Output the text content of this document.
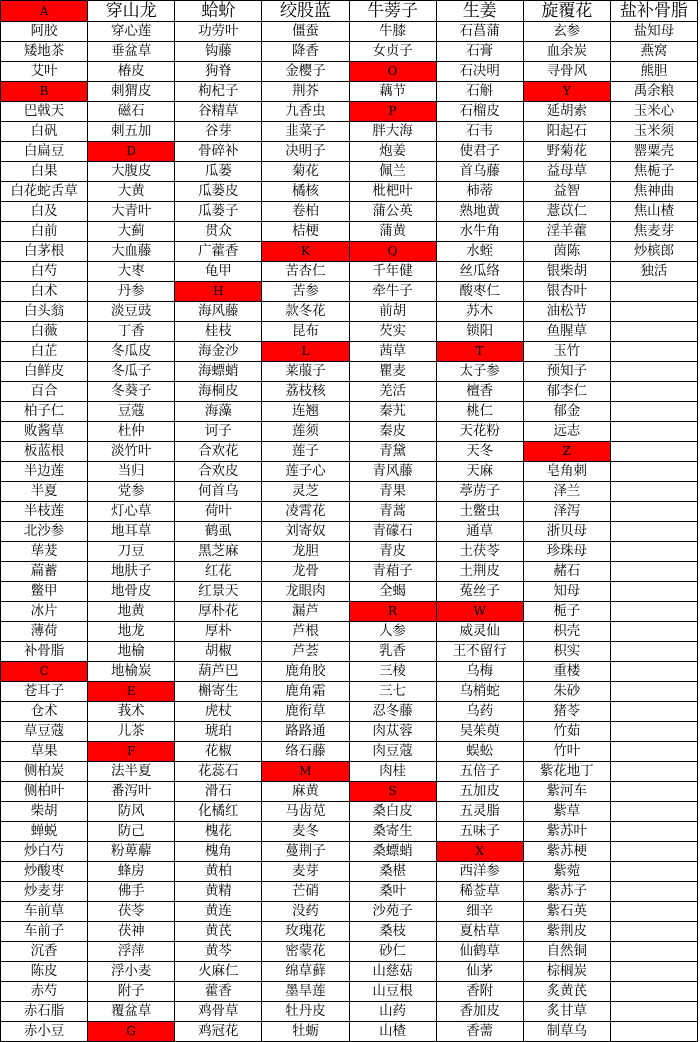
A	穿山龙	蛤蚧	绞股蓝	牛蒡子	生姜	旋覆花	盐补骨脂
阿胶	穿心莲	功劳叶	僵蚕	牛膝	石菖蒲	玄参	盐知母
矮地茶	垂盆草	钩藤	降香	女贞子	石膏	血余炭	燕窝
艾叶	椿皮	狗脊	金樱子	O	石决明	寻骨风	熊胆
B	刺猬皮	枸杞子	荆芥	藕节	石斛	Y	禹余粮
巴戟天	磁石	谷精草	九香虫	P	石榴皮	延胡索	玉米心
白矾	刺五加	谷芽	韭菜子	胖大海	石韦	阳起石	玉米须
白扁豆	D	骨碎补	决明子	炮姜	使君子	野菊花	罂粟壳
白果	大腹皮	瓜蒌	菊花	佩兰	首乌藤	益母草	焦栀子
白花蛇舌草	大黄	瓜蒌皮	橘核	枇杷叶	柿蒂	益智	焦神曲
白及	大青叶	瓜蒌子	卷柏	蒲公英	熟地黄	薏苡仁	焦山楂
白前	大蓟	贯众	桔梗	蒲黄	水牛角	淫羊藿	焦麦芽
白茅根	大血藤	广藿香	K	Q	水蛭	茵陈	炒槟郎
白芍	大枣	龟甲	苦杏仁	千年健	丝瓜络	银柴胡	独活
白术	丹参	H	苦参	牵牛子	酸枣仁	银杏叶	
白头翁	淡豆豉	海风藤	款冬花	前胡	苏木	油松节	
白薇	丁香	桂枝	昆布	芡实	锁阳	鱼腥草	
白芷	冬瓜皮	海金沙	L	茜草	T	玉竹	
白鲜皮	冬瓜子	海螵蛸	莱菔子	瞿麦	太子参	预知子	
百合	冬葵子	海桐皮	荔枝核	羌活	檀香	郁李仁	
柏子仁	豆蔻	海藻	连翘	秦艽	桃仁	郁金	
败酱草	杜仲	诃子	莲须	秦皮	天花粉	远志	
板蓝根	淡竹叶	合欢花	莲子	青黛	天冬	Z	
半边莲	当归	合欢皮	莲子心	青风藤	天麻	皂角刺	
半夏	党参	何首乌	灵芝	青果	葶苈子	泽兰	
半枝莲	灯心草	荷叶	凌霄花	青蒿	土鳖虫	泽泻	
北沙参	地耳草	鹤虱	刘寄奴	青礞石	通草	浙贝母	
荜茇	刀豆	黑芝麻	龙胆	青皮	土茯苓	珍珠母	
萹蓄	地肤子	红花	龙骨	青葙子	土荆皮	赭石	
鳖甲	地骨皮	红景天	龙眼肉	全蝎	菟丝子	知母	
冰片	地黄	厚朴花	漏芦	R	W	栀子	
薄荷	地龙	厚朴	芦根	人参	威灵仙	枳壳	
补骨脂	地榆	胡椒	芦荟	乳香	王不留行	枳实	
C	地榆炭	葫芦巴	鹿角胶	三棱	乌梅	重楼	
苍耳子	E	槲寄生	鹿角霜	三七	乌梢蛇	朱砂	
仓术	莪术	虎杖	鹿衔草	忍冬藤	乌药	猪苓	
草豆蔻	儿茶	琥珀	路路通	肉苁蓉	吴茱萸	竹茹	
草果	F	花椒	络石藤	肉豆蔻	蜈蚣	竹叶	
侧柏炭	法半夏	花蕊石	M	肉桂	五倍子	紫花地丁	
侧柏叶	番泻叶	滑石	麻黄	S	五加皮	紫河车	
柴胡	防风	化橘红	马齿苋	桑白皮	五灵脂	紫草	
蝉蜕	防己	槐花	麦冬	桑寄生	五味子	紫苏叶	
炒白芍	粉萆薢	槐角	蔓荆子	桑螵蛸	X	紫苏梗	
炒酸枣	蜂房	黄柏	麦芽	桑椹	西洋参	紫菀	
炒麦芽	佛手	黄精	芒硝	桑叶	稀莶草	紫苏子	
车前草	茯苓	黄连	没药	沙苑子	细辛	紫石英	
车前子	茯神	黄芪	玫瑰花	桑枝	夏枯草	紫荆皮	
沉香	浮萍	黄芩	密蒙花	砂仁	仙鹤草	自然铜	
陈皮	浮小麦	火麻仁	绵草藓	山慈菇	仙茅	棕榈炭	
赤芍	附子	藿香	墨旱莲	山豆根	香附	炙黄芪	
赤石脂	覆盆草	鸡骨草	牡丹皮	山药	香加皮	炙甘草	
赤小豆	G	鸡冠花	牡蛎	山楂	香薷	制草乌	
